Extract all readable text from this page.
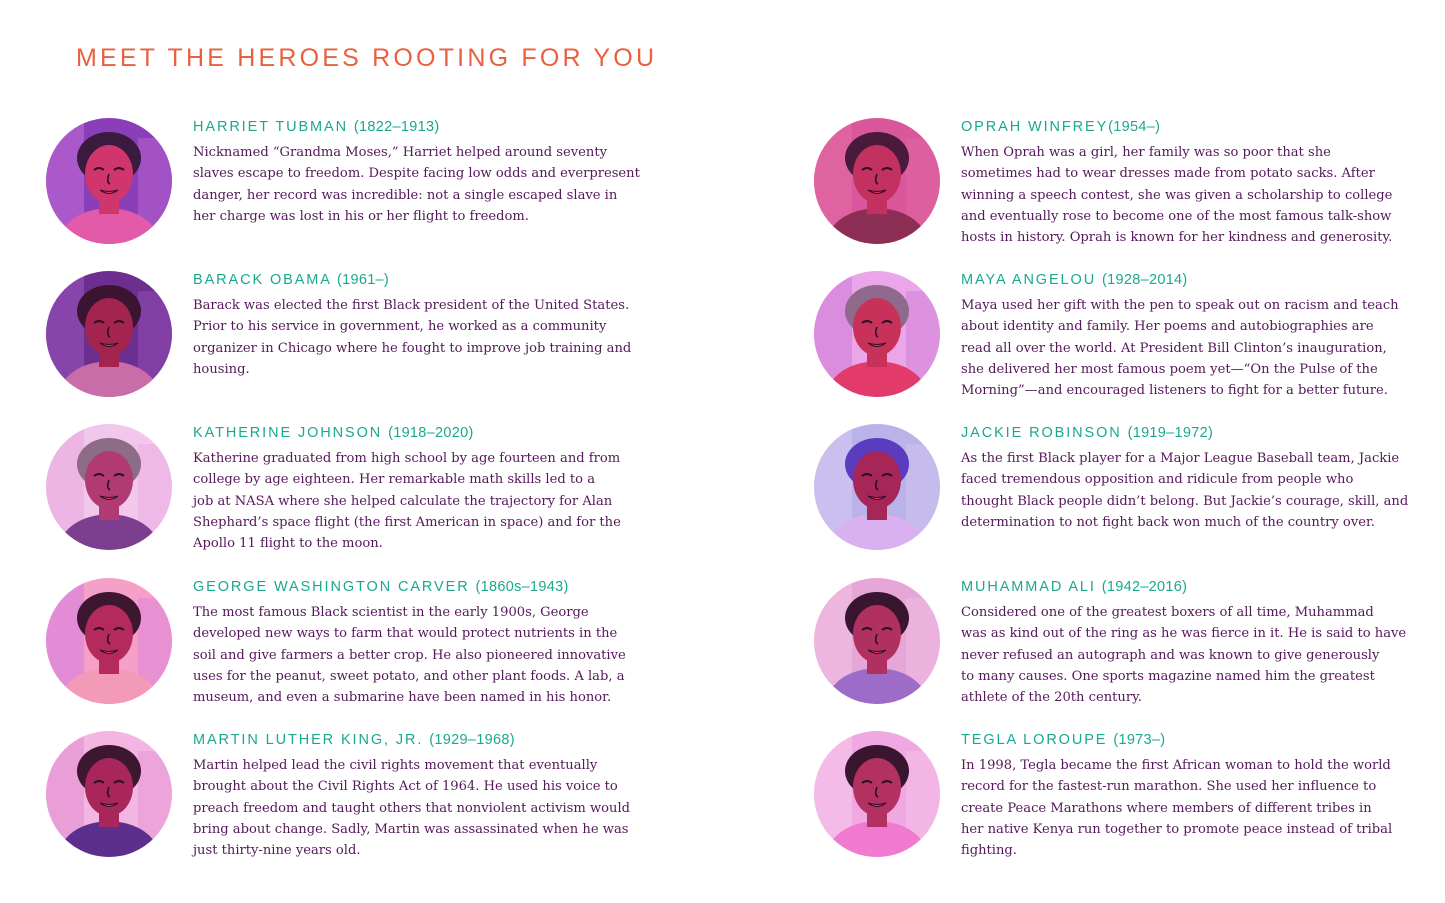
MEET THE HEROES ROOTING FOR YOU
HARRIET TUBMAN (1822–1913)
Nicknamed “Grandma Moses,” Harriet helped around seventy
slaves escape to freedom. Despite facing low odds and everpresent
danger, her record was incredible: not a single escaped slave in
her charge was lost in his or her flight to freedom.
BARACK OBAMA (1961–)
Barack was elected the first Black president of the United States.
Prior to his service in government, he worked as a community
organizer in Chicago where he fought to improve job training and
housing.
KATHERINE JOHNSON (1918–2020)
Katherine graduated from high school by age fourteen and from
college by age eighteen. Her remarkable math skills led to a
job at NASA where she helped calculate the trajectory for Alan
Shephard’s space flight (the first American in space) and for the
Apollo 11 flight to the moon.
GEORGE WASHINGTON CARVER (1860s–1943)
The most famous Black scientist in the early 1900s, George
developed new ways to farm that would protect nutrients in the
soil and give farmers a better crop. He also pioneered innovative
uses for the peanut, sweet potato, and other plant foods. A lab, a
museum, and even a submarine have been named in his honor.
MARTIN LUTHER KING, JR. (1929–1968)
Martin helped lead the civil rights movement that eventually
brought about the Civil Rights Act of 1964. He used his voice to
preach freedom and taught others that nonviolent activism would
bring about change. Sadly, Martin was assassinated when he was
just thirty-nine years old.
OPRAH WINFREY(1954–)
When Oprah was a girl, her family was so poor that she
sometimes had to wear dresses made from potato sacks. After
winning a speech contest, she was given a scholarship to college
and eventually rose to become one of the most famous talk-show
hosts in history. Oprah is known for her kindness and generosity.
MAYA ANGELOU (1928–2014)
Maya used her gift with the pen to speak out on racism and teach
about identity and family. Her poems and autobiographies are
read all over the world. At President Bill Clinton’s inauguration,
she delivered her most famous poem yet—“On the Pulse of the
Morning”—and encouraged listeners to fight for a better future.
JACKIE ROBINSON (1919–1972)
As the first Black player for a Major League Baseball team, Jackie
faced tremendous opposition and ridicule from people who
thought Black people didn’t belong. But Jackie’s courage, skill, and
determination to not fight back won much of the country over.
MUHAMMAD ALI (1942–2016)
Considered one of the greatest boxers of all time, Muhammad
was as kind out of the ring as he was fierce in it. He is said to have
never refused an autograph and was known to give generously
to many causes. One sports magazine named him the greatest
athlete of the 20th century.
TEGLA LOROUPE (1973–)
In 1998, Tegla became the first African woman to hold the world
record for the fastest-run marathon. She used her influence to
create Peace Marathons where members of different tribes in
her native Kenya run together to promote peace instead of tribal
fighting.
